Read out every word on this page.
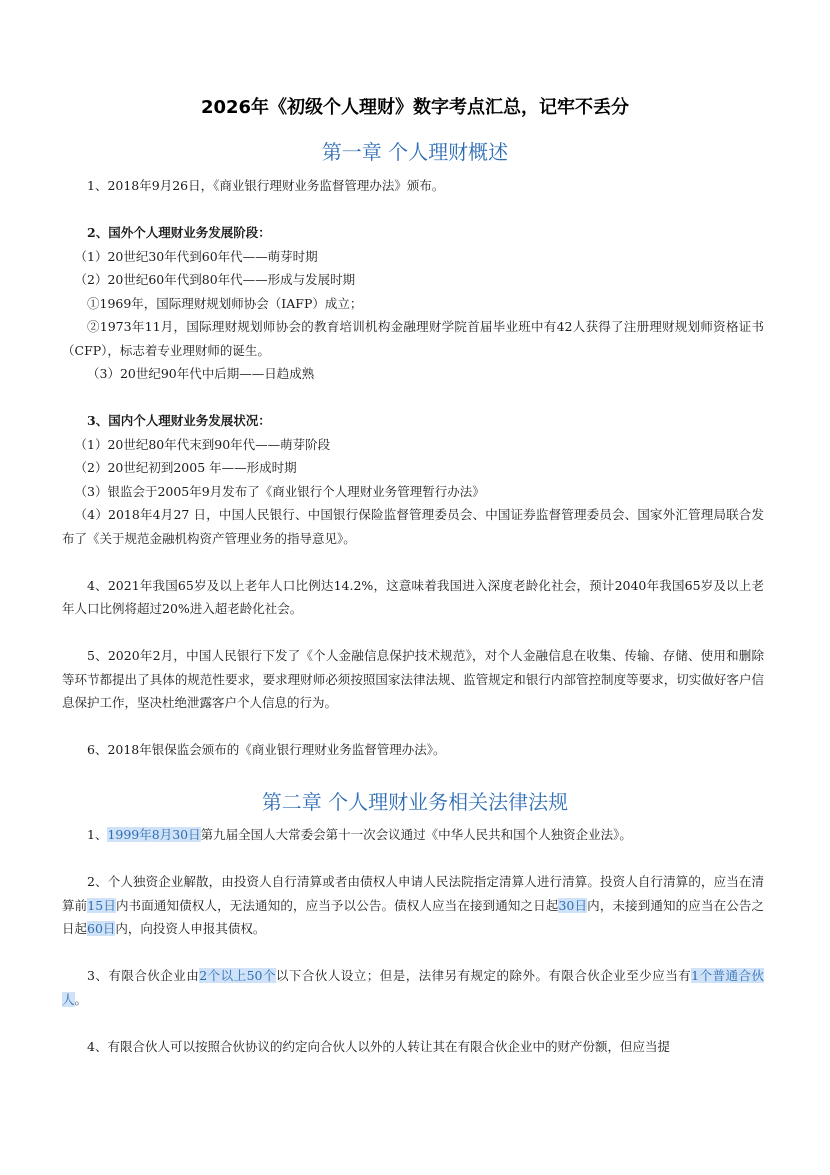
2026年《初级个人理财》数字考点汇总，记牢不丢分
第一章 个人理财概述

1、2018年9月26日，《商业银行理财业务监督管理办法》颁布。

2、国外个人理财业务发展阶段：

（1）20世纪30年代到60年代——萌芽时期

（2）20世纪60年代到80年代——形成与发展时期

①1969年，国际理财规划师协会（IAFP）成立；

②1973年11月，国际理财规划师协会的教育培训机构金融理财学院首届毕业班中有42人获得了注册理财规划师资格证书（CFP），标志着专业理财师的诞生。

（3）20世纪90年代中后期——日趋成熟

3、国内个人理财业务发展状况：

（1）20世纪80年代末到90年代——萌芽阶段

（2）20世纪初到2005 年——形成时期

（3）银监会于2005年9月发布了《商业银行个人理财业务管理暂行办法》

（4）2018年4月27 日，中国人民银行、中国银行保险监督管理委员会、中国证券监督管理委员会、国家外汇管理局联合发布了《关于规范金融机构资产管理业务的指导意见》。

4、2021年我国65岁及以上老年人口比例达14.2%，这意味着我国进入深度老龄化社会，预计2040年我国65岁及以上老年人口比例将超过20%进入超老龄化社会。

5、2020年2月，中国人民银行下发了《个人金融信息保护技术规范》，对个人金融信息在收集、传输、存储、使用和删除等环节都提出了具体的规范性要求，要求理财师必须按照国家法律法规、监管规定和银行内部管控制度等要求，切实做好客户信息保护工作，坚决杜绝泄露客户个人信息的行为。

6、2018年银保监会颁布的《商业银行理财业务监督管理办法》。

第二章 个人理财业务相关法律法规

1、1999年8月30日第九届全国人大常委会第十一次会议通过《中华人民共和国个人独资企业法》。

2、个人独资企业解散，由投资人自行清算或者由债权人申请人民法院指定清算人进行清算。投资人自行清算的，应当在清算前15日内书面通知债权人，无法通知的，应当予以公告。债权人应当在接到通知之日起30日内，未接到通知的应当在公告之日起60日内，向投资人申报其债权。

3、有限合伙企业由2个以上50个以下合伙人设立；但是，法律另有规定的除外。有限合伙企业至少应当有1个普通合伙人。

4、有限合伙人可以按照合伙协议的约定向合伙人以外的人转让其在有限合伙企业中的财产份额，但应当提
